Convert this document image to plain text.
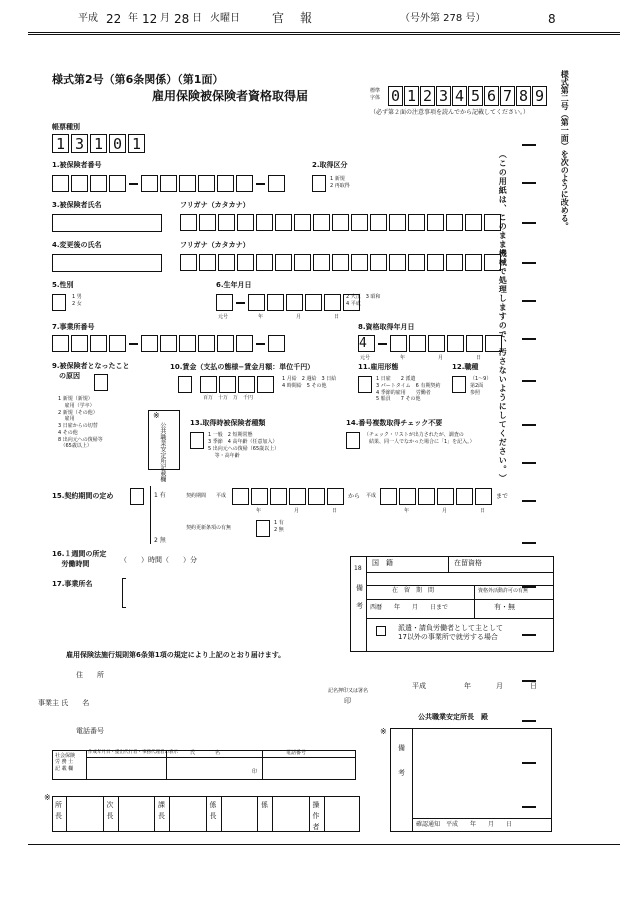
平成 22 年 12 月 28 日 火曜日	官　報	（号外第 278 号）	8
様式第2号（第6条関係）（第1面）
雇用保険被保険者資格取得届	標準
字体 0 1 2 3 4 5 6 7 8 9
（必ず第２面の注意事項を読んでから記載してください。）
帳票種別
1 3 1 0 1
1.被保険者番号	2.取得区分
1 新規
2 再取得
3.被保険者氏名	フリガナ（カタカナ）
4.変更後の氏名	フリガナ（カタカナ）
5.性別
1 男
2 女
6.生年月日
2 大正　3 昭和
4 平成
元号	年	月	日
7.事業所番号	8.資格取得年月日
4
元号	年	月	日
9.被保険者となったこと
　の原因
1 新規（新規）
　 雇用（学卒）
2 新規（その他）
　 雇用
3 日雇からの切替
4 その他
8 出向元への復帰等
　（65歳以上）
10.賃金（支払の態様−賃金月額：単位千円）
百万　十万　万　千円
1 月給　2 週給　3 日給
4 時間給　5 その他
11.雇用形態
1 日雇　　2 派遣
3 パートタイム　6 有期契約
4 季節的雇用　　労働者
5 船員　　7 その他
12.職種
（1〜9）
第2面
参照
※
公共職業安定所記載欄	13.取得時被保険者種類
1 一般　2 短期常態
3 季節　4 高年齢（任意加入）
5 出向元への復帰（65歳以上）
　 等・高年齢
14.番号複数取得チェック不要
（チェック・リストが出力されたが、調査の
　結果、同一人でなかった場合に「1」を記入。）
15.契約期間の定め	1 有
2 無
契約期間 平成	から 平成	まで
年	月	日	年	月	日
契約更新条項の有無
1 有
2 無
16.１週間の所定
　 労働時間	（　　）時間（　　）分
17.事業所名
18
備

考
国　籍	在留資格
在　留　期　間	資格外活動許可の有無
西暦　　年　　月　　日まで	有・無
派遣・請負労働者として主として
17以外の事業所で就労する場合
雇用保険法施行規則第6条第1項の規定により上記のとおり届けます。
平成	年	月	日
住　　所
事業主 氏　　名
記名押印又は署名
印
電話番号
公共職業安定所長　殿
社会保険
労 務 士
記 載 欄
作成年月日・提出代行者・事務代理者の表示 氏　　　　名	電話番号
印
※
備

考
確認通知　平成　　年　　月　　日
※
所長
次長
課長
係長
係	操作者
様式第二号（第一面）を次のように改める。
（この用紙は、このまま機械で処理しますので、汚さないようにしてください。）
